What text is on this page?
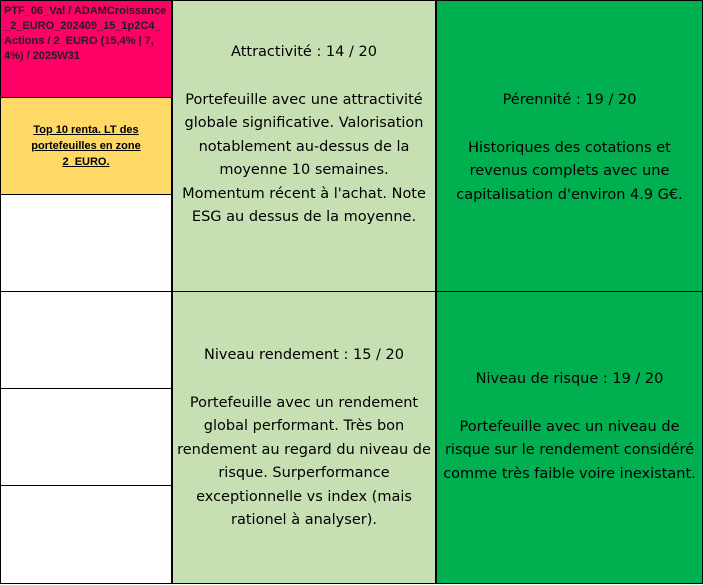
PTF_06_Val / ADAMCroissance_2_EURO_202409_15_1p2C4_Actions / 2_EURO (15,4% | 7,4%) / 2025W31
Top 10 renta. LT des portefeuilles en zone 2_EURO.
Attractivité : 14 / 20
Portefeuille avec une attractivité globale significative. Valorisation notablement au-dessus de la moyenne 10 semaines. Momentum récent à l'achat. Note ESG au dessus de la moyenne.
Pérennité : 19 / 20
Historiques des cotations et revenus complets avec une capitalisation d'environ 4.9 G€.
Niveau rendement : 15 / 20
Portefeuille avec un rendement global performant. Très bon rendement au regard du niveau de risque. Surperformance exceptionnelle vs index (mais rationel à analyser).
Niveau de risque : 19 / 20
Portefeuille avec un niveau de risque sur le rendement considéré comme très faible voire inexistant.
